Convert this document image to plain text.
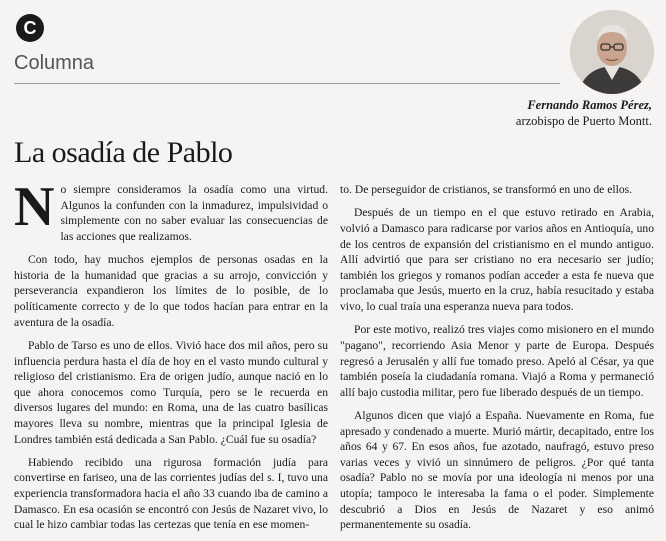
C
Columna
Fernando Ramos Pérez,
arzobispo de Puerto Montt.
La osadía de Pablo

No siempre consideramos la osadía como una virtud. Algunos la confunden con la inmadurez, impulsividad o simplemente con no saber evaluar las consecuencias de las acciones que realizamos.

Con todo, hay muchos ejemplos de personas osadas en la historia de la humanidad que gracias a su arrojo, convicción y perseverancia expandieron los límites de lo posible, de lo políticamente correcto y de lo que todos hacían para entrar en la aventura de la osadía.

Pablo de Tarso es uno de ellos. Vivió hace dos mil años, pero su influencia perdura hasta el día de hoy en el vasto mundo cultural y religioso del cristianismo. Era de origen judío, aunque nació en lo que ahora conocemos como Turquía, pero se le recuerda en diversos lugares del mundo: en Roma, una de las cuatro basílicas mayores lleva su nombre, mientras que la principal Iglesia de Londres también está dedicada a San Pablo. ¿Cuál fue su osadía?

Habiendo recibido una rigurosa formación judía para convertirse en fariseo, una de las corrientes judías del s. I, tuvo una experiencia transformadora hacia el año 33 cuando iba de camino a Damasco. En esa ocasión se encontró con Jesús de Nazaret vivo, lo cual le hizo cambiar todas las certezas que tenía en ese momen-

to. De perseguidor de cristianos, se transformó en uno de ellos.

Después de un tiempo en el que estuvo retirado en Arabia, volvió a Damasco para radicarse por varios años en Antioquía, uno de los centros de expansión del cristianismo en el mundo antiguo. Allí advirtió que para ser cristiano no era necesario ser judío; también los griegos y romanos podían acceder a esta fe nueva que proclamaba que Jesús, muerto en la cruz, había resucitado y estaba vivo, lo cual traía una esperanza nueva para todos.

Por este motivo, realizó tres viajes como misionero en el mundo "pagano", recorriendo Asia Menor y parte de Europa. Después regresó a Jerusalén y allí fue tomado preso. Apeló al César, ya que también poseía la ciudadanía romana. Viajó a Roma y permaneció allí bajo custodia militar, pero fue liberado después de un tiempo.

Algunos dicen que viajó a España. Nuevamente en Roma, fue apresado y condenado a muerte. Murió mártir, decapitado, entre los años 64 y 67. En esos años, fue azotado, naufragó, estuvo preso varias veces y vivió un sinnúmero de peligros. ¿Por qué tanta osadía? Pablo no se movía por una ideología ni menos por una utopía; tampoco le interesaba la fama o el poder. Simplemente descubrió a Dios en Jesús de Nazaret y eso animó permanentemente su osadía.
